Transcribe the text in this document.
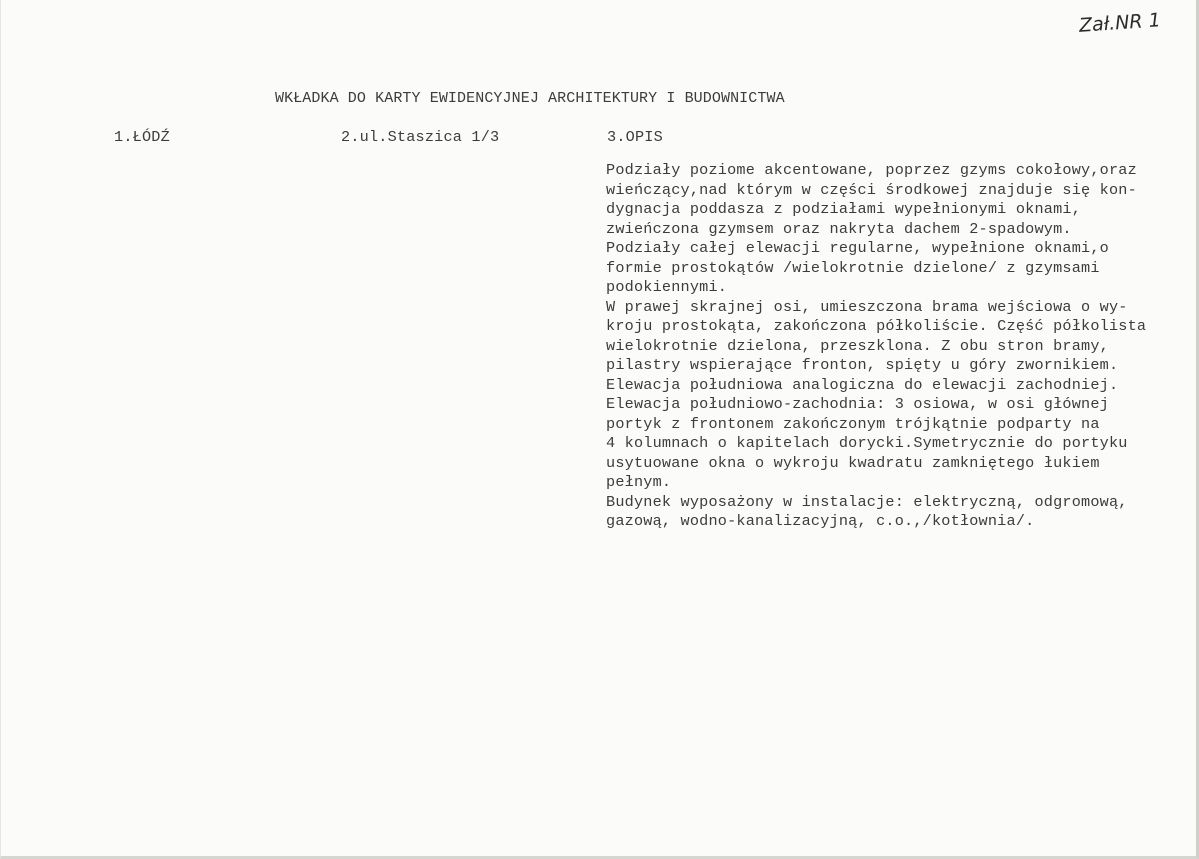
Zał.NR 1
WKŁADKA DO KARTY EWIDENCYJNEJ ARCHITEKTURY I BUDOWNICTWA
1.ŁÓDŹ	2.ul.Staszica 1/3	3.OPIS
Podziały poziome akcentowane, poprzez gzyms cokołowy,oraz
wieńczący,nad którym w części środkowej znajduje się kon-
dygnacja poddasza z podziałami wypełnionymi oknami,
zwieńczona gzymsem oraz nakryta dachem 2-spadowym.
Podziały całej elewacji regularne, wypełnione oknami,o
formie prostokątów /wielokrotnie dzielone/ z gzymsami
podokiennymi.
W prawej skrajnej osi, umieszczona brama wejściowa o wy-
kroju prostokąta, zakończona półkoliście. Część półkolista
wielokrotnie dzielona, przeszklona. Z obu stron bramy,
pilastry wspierające fronton, spięty u góry zwornikiem.
Elewacja południowa analogiczna do elewacji zachodniej.
Elewacja południowo-zachodnia: 3 osiowa, w osi głównej
portyk z frontonem zakończonym trójkątnie podparty na
4 kolumnach o kapitelach dorycki.Symetrycznie do portyku
usytuowane okna o wykroju kwadratu zamkniętego łukiem
pełnym.
Budynek wyposażony w instalacje: elektryczną, odgromową,
gazową, wodno-kanalizacyjną, c.o.,/kotłownia/.
